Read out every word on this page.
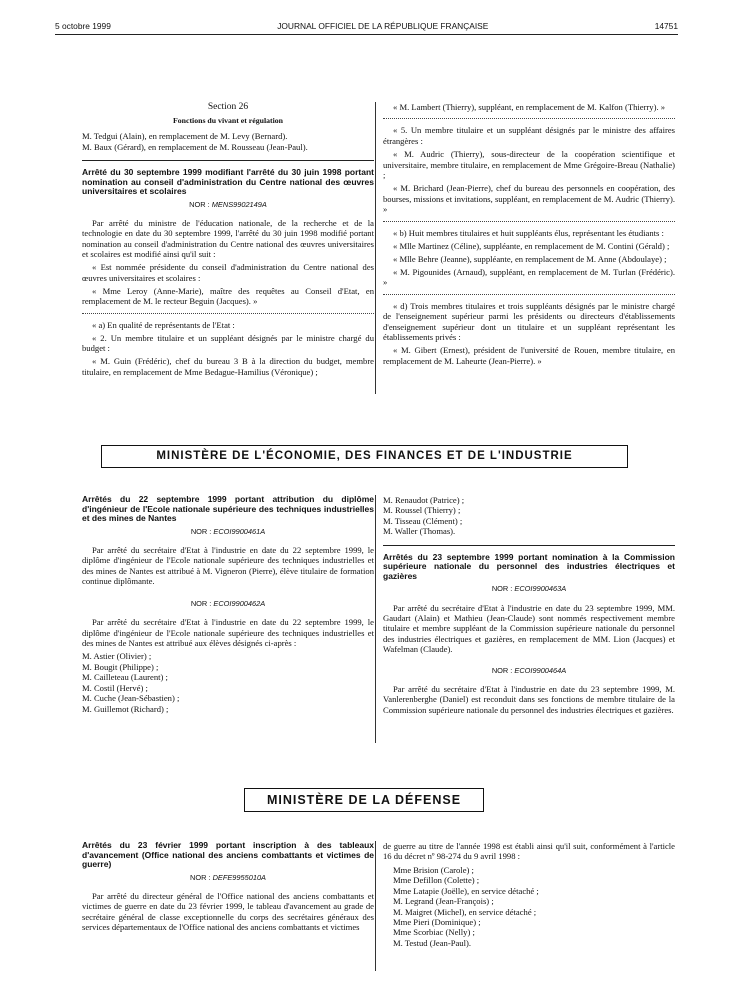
5 octobre 1999	JOURNAL OFFICIEL DE LA RÉPUBLIQUE FRANÇAISE	14751
Section 26
Fonctions du vivant et régulation

M. Tedgui (Alain), en remplacement de M. Levy (Bernard).

M. Baux (Gérard), en remplacement de M. Rousseau (Jean-Paul).

Arrêté du 30 septembre 1999 modifiant l'arrêté du 30 juin 1998 portant nomination au conseil d'administration du Centre national des œuvres universitaires et scolaires
NOR : MENS9902149A

Par arrêté du ministre de l'éducation nationale, de la recherche et de la technologie en date du 30 septembre 1999, l'arrêté du 30 juin 1998 modifié portant nomination au conseil d'administration du Centre national des œuvres universitaires et scolaires est modifié ainsi qu'il suit :

« Est nommée présidente du conseil d'administration du Centre national des œuvres universitaires et scolaires :

« Mme Leroy (Anne-Marie), maître des requêtes au Conseil d'Etat, en remplacement de M. le recteur Beguin (Jacques). »

« a) En qualité de représentants de l'Etat :

« 2. Un membre titulaire et un suppléant désignés par le ministre chargé du budget :

« M. Guin (Frédéric), chef du bureau 3 B à la direction du budget, membre titulaire, en remplacement de Mme Bedague-Hamilius (Véronique) ;

« M. Lambert (Thierry), suppléant, en remplacement de M. Kalfon (Thierry). »

« 5. Un membre titulaire et un suppléant désignés par le ministre des affaires étrangères :

« M. Audric (Thierry), sous-directeur de la coopération scientifique et universitaire, membre titulaire, en remplacement de Mme Grégoire-Breau (Nathalie) ;

« M. Brichard (Jean-Pierre), chef du bureau des personnels en coopération, des bourses, missions et invitations, suppléant, en remplacement de M. Audric (Thierry). »

« b) Huit membres titulaires et huit suppléants élus, représentant les étudiants :

« Mlle Martinez (Céline), suppléante, en remplacement de M. Contini (Gérald) ;

« Mlle Behre (Jeanne), suppléante, en remplacement de M. Anne (Abdoulaye) ;

« M. Pigounides (Arnaud), suppléant, en remplacement de M. Turlan (Frédéric). »

« d) Trois membres titulaires et trois suppléants désignés par le ministre chargé de l'enseignement supérieur parmi les présidents ou directeurs d'établissements d'enseignement supérieur dont un titulaire et un suppléant représentant les établissements privés :

« M. Gibert (Ernest), président de l'université de Rouen, membre titulaire, en remplacement de M. Laheurte (Jean-Pierre). »

MINISTÈRE DE L'ÉCONOMIE, DES FINANCES ET DE L'INDUSTRIE
Arrêtés du 22 septembre 1999 portant attribution du diplôme d'ingénieur de l'Ecole nationale supérieure des techniques industrielles et des mines de Nantes
NOR : ECOI9900461A

Par arrêté du secrétaire d'Etat à l'industrie en date du 22 septembre 1999, le diplôme d'ingénieur de l'Ecole nationale supérieure des techniques industrielles et des mines de Nantes est attribué à M. Vigneron (Pierre), élève titulaire de formation continue diplômante.

NOR : ECOI9900462A

Par arrêté du secrétaire d'Etat à l'industrie en date du 22 septembre 1999, le diplôme d'ingénieur de l'Ecole nationale supérieure des techniques industrielles et des mines de Nantes est attribué aux élèves désignés ci-après :

M. Astier (Olivier) ;

M. Bougit (Philippe) ;

M. Cailleteau (Laurent) ;

M. Costil (Hervé) ;

M. Cuche (Jean-Sébastien) ;

M. Guillemot (Richard) ;

M. Renaudot (Patrice) ;

M. Roussel (Thierry) ;

M. Tisseau (Clément) ;

M. Waller (Thomas).

Arrêtés du 23 septembre 1999 portant nomination à la Commission supérieure nationale du personnel des industries électriques et gazières
NOR : ECOI9900463A

Par arrêté du secrétaire d'Etat à l'industrie en date du 23 septembre 1999, MM. Gaudart (Alain) et Mathieu (Jean-Claude) sont nommés respectivement membre titulaire et membre suppléant de la Commission supérieure nationale du personnel des industries électriques et gazières, en remplacement de MM. Lion (Jacques) et Wafelman (Claude).

NOR : ECOI9900464A

Par arrêté du secrétaire d'Etat à l'industrie en date du 23 septembre 1999, M. Vanlerenberghe (Daniel) est reconduit dans ses fonctions de membre titulaire de la Commission supérieure nationale du personnel des industries électriques et gazières.

MINISTÈRE DE LA DÉFENSE
Arrêtés du 23 février 1999 portant inscription à des tableaux d'avancement (Office national des anciens combattants et victimes de guerre)
NOR : DEFE9955010A

Par arrêté du directeur général de l'Office national des anciens combattants et victimes de guerre en date du 23 février 1999, le tableau d'avancement au grade de secrétaire général de classe exceptionnelle du corps des secrétaires généraux des services départementaux de l'Office national des anciens combattants et victimes

de guerre au titre de l'année 1998 est établi ainsi qu'il suit, conformément à l'article 16 du décret nº 98-274 du 9 avril 1998 :

Mme Brision (Carole) ;

Mme Defillon (Colette) ;

Mme Latapie (Joëlle), en service détaché ;

M. Legrand (Jean-François) ;

M. Maigret (Michel), en service détaché ;

Mme Pieri (Dominique) ;

Mme Scorbiac (Nelly) ;

M. Testud (Jean-Paul).
